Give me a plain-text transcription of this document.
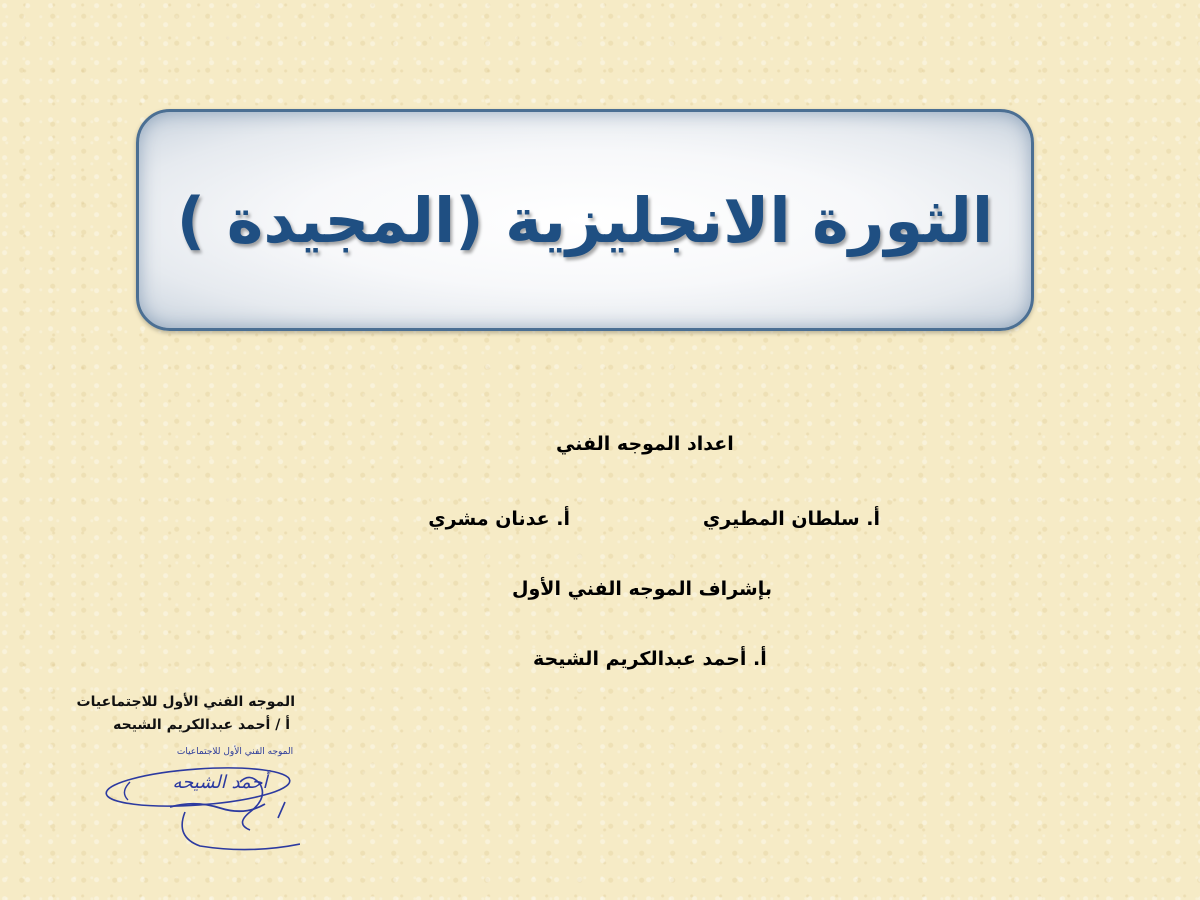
الثورة الانجليزية (المجيدة )
اعداد الموجه الفني
أ. سلطان المطيري
أ. عدنان مشري
بإشراف الموجه الفني الأول
أ. أحمد عبدالكريم الشيحة
الموجه الفني الأول للاجتماعيات
أ / أحمد عبدالكريم الشيحه
الموجه الفني الأول للاجتماعيات
أحمد الشيحه
